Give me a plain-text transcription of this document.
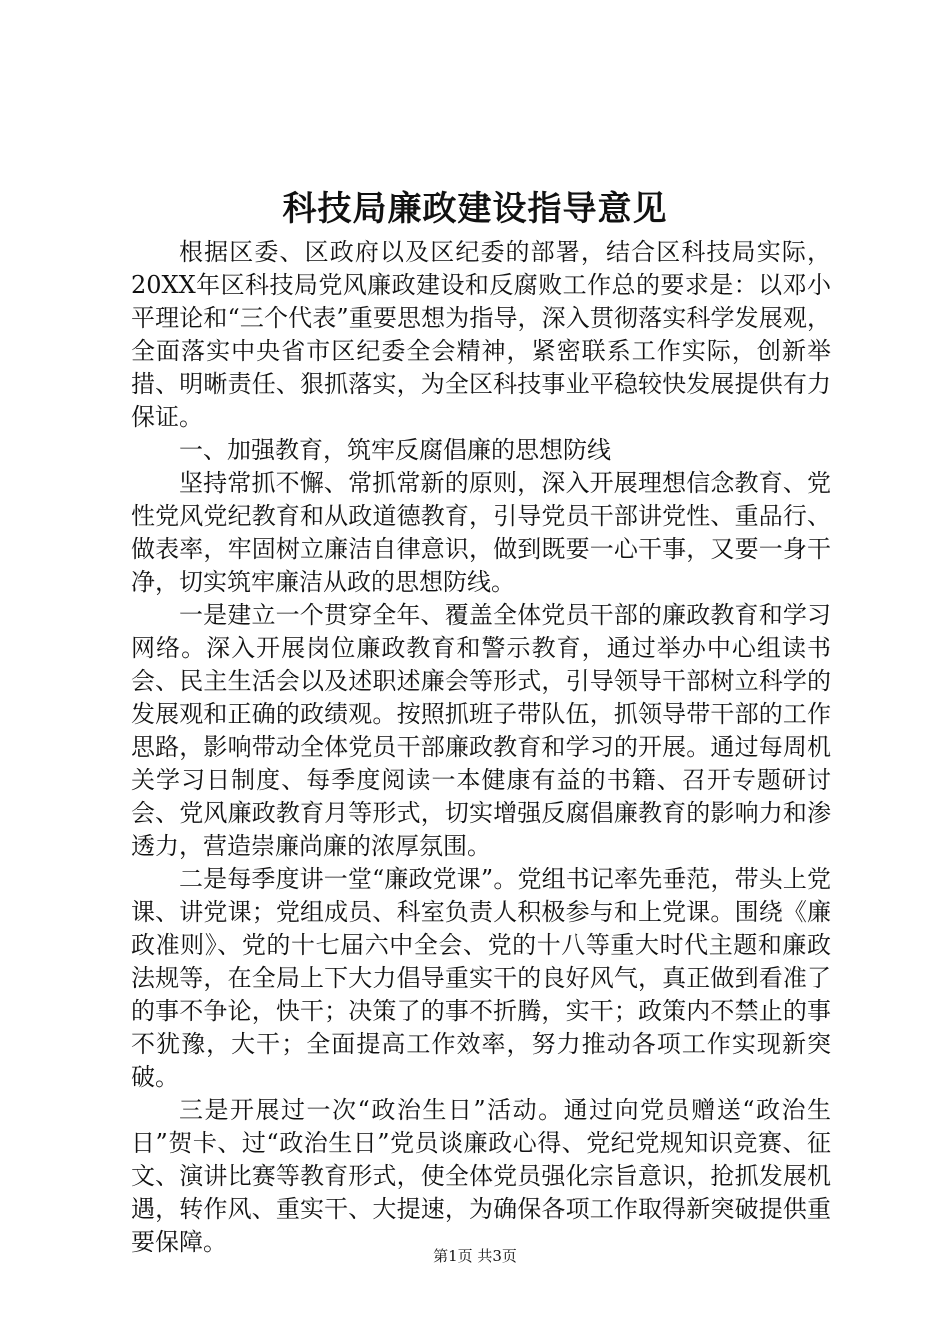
科技局廉政建设指导意见

根据区委、区政府以及区纪委的部署，结合区科技局实际，20XX年区科技局党风廉政建设和反腐败工作总的要求是：以邓小平理论和“三个代表”重要思想为指导，深入贯彻落实科学发展观，全面落实中央省市区纪委全会精神，紧密联系工作实际，创新举措、明晰责任、狠抓落实，为全区科技事业平稳较快发展提供有力保证。

一、加强教育，筑牢反腐倡廉的思想防线

坚持常抓不懈、常抓常新的原则，深入开展理想信念教育、党性党风党纪教育和从政道德教育，引导党员干部讲党性、重品行、做表率，牢固树立廉洁自律意识，做到既要一心干事，又要一身干净，切实筑牢廉洁从政的思想防线。

一是建立一个贯穿全年、覆盖全体党员干部的廉政教育和学习网络。深入开展岗位廉政教育和警示教育，通过举办中心组读书会、民主生活会以及述职述廉会等形式，引导领导干部树立科学的发展观和正确的政绩观。按照抓班子带队伍，抓领导带干部的工作思路，影响带动全体党员干部廉政教育和学习的开展。通过每周机关学习日制度、每季度阅读一本健康有益的书籍、召开专题研讨会、党风廉政教育月等形式，切实增强反腐倡廉教育的影响力和渗透力，营造崇廉尚廉的浓厚氛围。

二是每季度讲一堂“廉政党课”。党组书记率先垂范，带头上党课、讲党课；党组成员、科室负责人积极参与和上党课。围绕《廉政准则》、党的十七届六中全会、党的十八等重大时代主题和廉政法规等，在全局上下大力倡导重实干的良好风气，真正做到看准了的事不争论，快干；决策了的事不折腾，实干；政策内不禁止的事不犹豫，大干；全面提高工作效率，努力推动各项工作实现新突破。

三是开展过一次“政治生日”活动。通过向党员赠送“政治生日”贺卡、过“政治生日”党员谈廉政心得、党纪党规知识竞赛、征文、演讲比赛等教育形式，使全体党员强化宗旨意识，抢抓发展机遇，转作风、重实干、大提速，为确保各项工作取得新突破提供重要保障。	第1页 共3页
